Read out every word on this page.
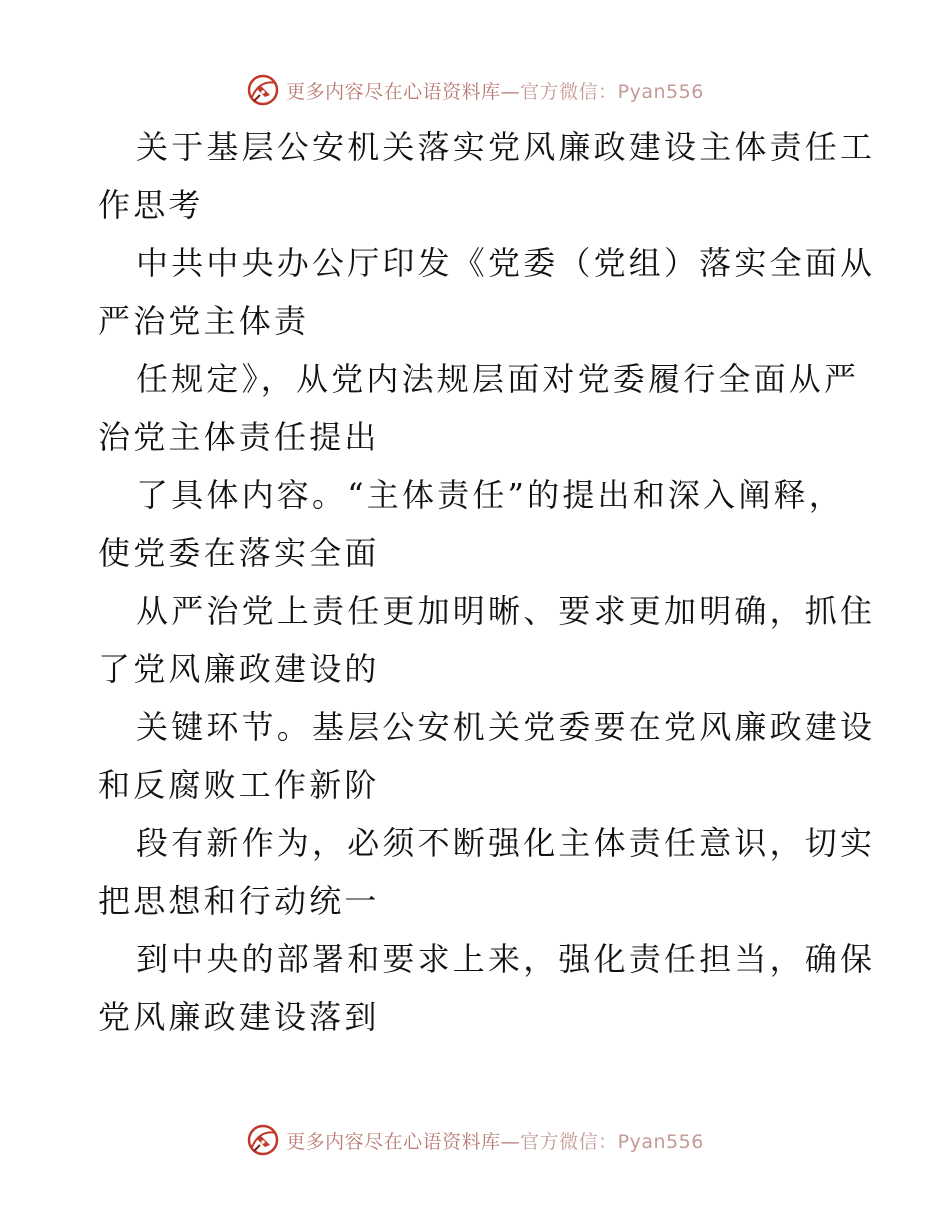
更多内容尽在心语资料库—官方微信：Pyan556
关于基层公安机关落实党风廉政建设主体责任工
作思考
中共中央办公厅印发《党委（党组）落实全面从
严治党主体责
任规定》，从党内法规层面对党委履行全面从严
治党主体责任提出
了具体内容。“主体责任”的提出和深入阐释，
使党委在落实全面
从严治党上责任更加明晰、要求更加明确，抓住
了党风廉政建设的
关键环节。基层公安机关党委要在党风廉政建设
和反腐败工作新阶
段有新作为，必须不断强化主体责任意识，切实
把思想和行动统一
到中央的部署和要求上来，强化责任担当，确保
党风廉政建设落到
更多内容尽在心语资料库—官方微信：Pyan556
